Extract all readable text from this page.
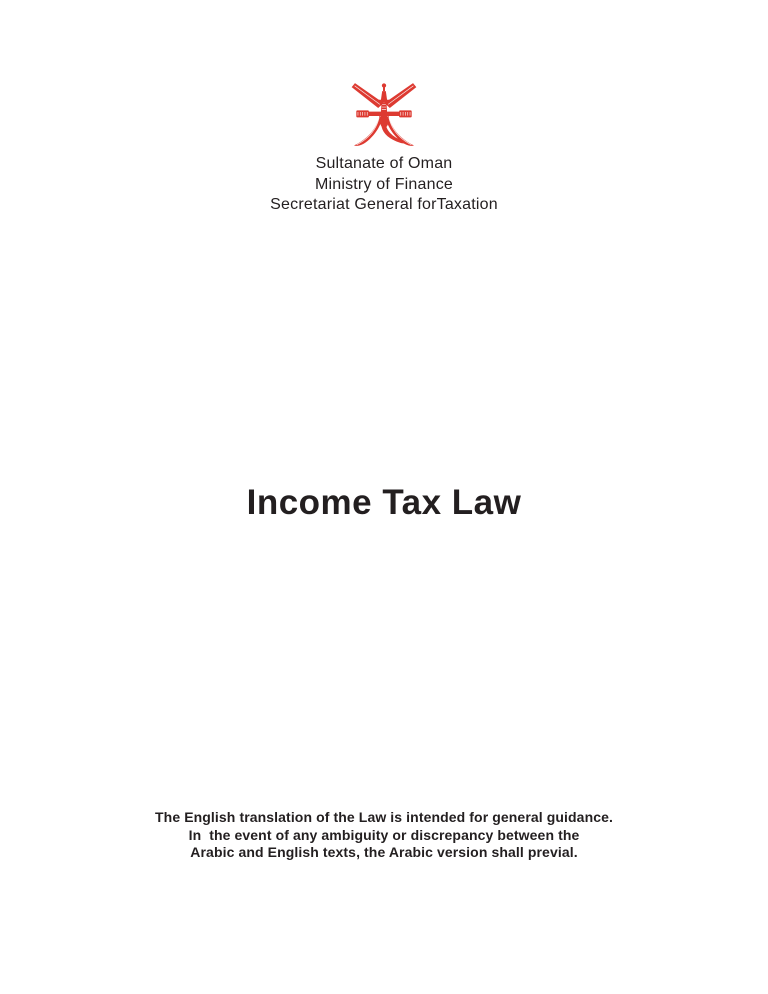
Sultanate of Oman

Ministry of Finance

Secretariat General forTaxation

Income Tax Law

The English translation of the Law is intended for general guidance.

In  the event of any ambiguity or discrepancy between the

Arabic and English texts, the Arabic version shall previal.
